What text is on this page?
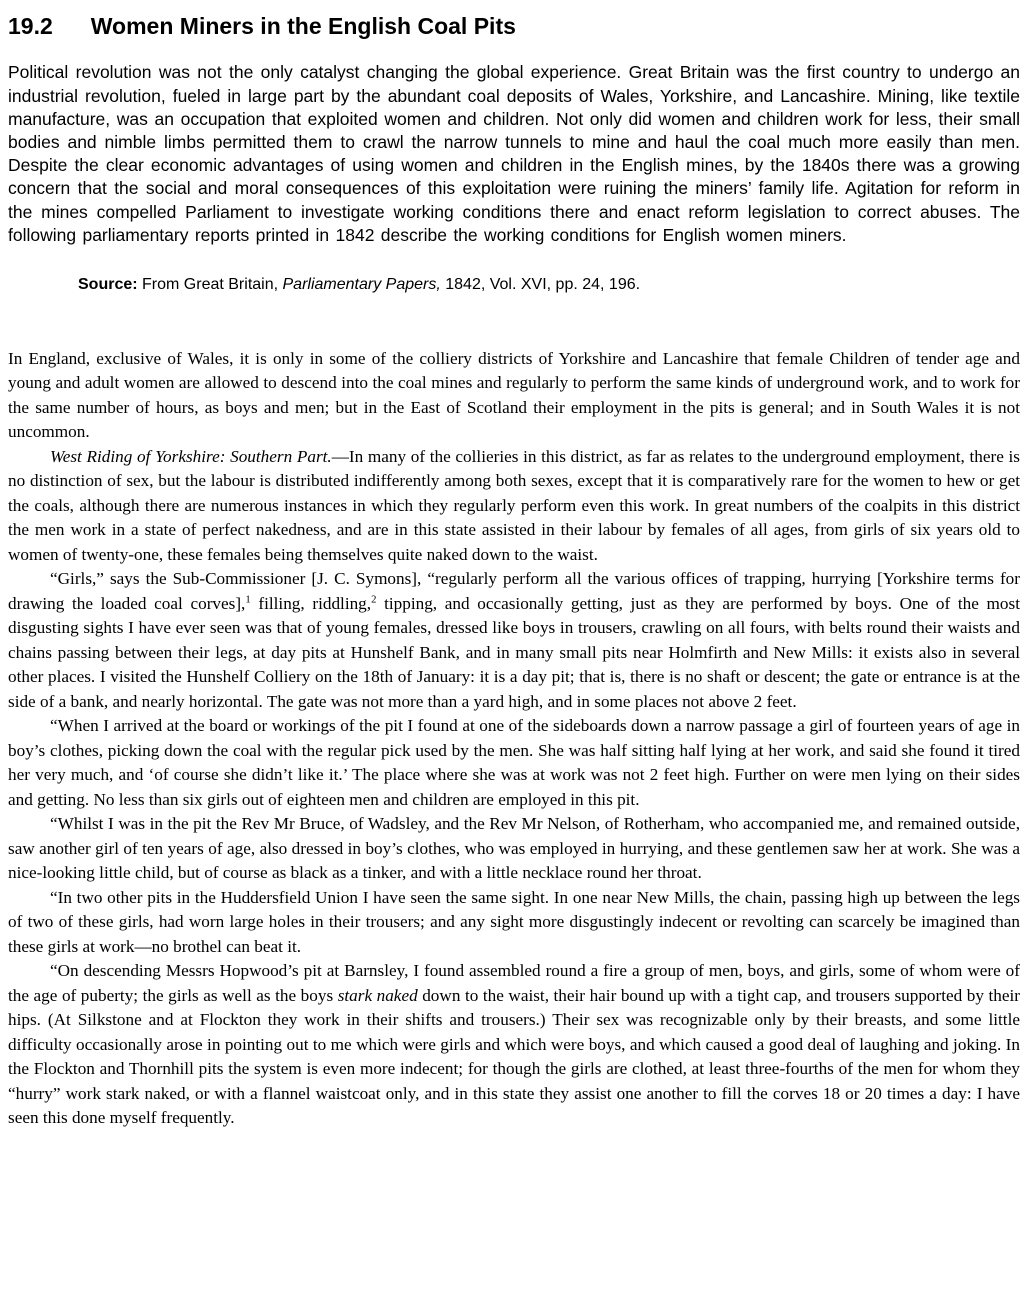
19.2 Women Miners in the English Coal Pits

Political revolution was not the only catalyst changing the global experience. Great Britain was the first country to undergo an industrial revolution, fueled in large part by the abundant coal deposits of Wales, Yorkshire, and Lancashire. Mining, like textile manufacture, was an occupation that exploited women and children. Not only did women and children work for less, their small bodies and nimble limbs permitted them to crawl the narrow tunnels to mine and haul the coal much more easily than men. Despite the clear economic advantages of using women and children in the English mines, by the 1840s there was a growing concern that the social and moral consequences of this exploitation were ruining the miners’ family life. Agitation for reform in the mines compelled Parliament to investigate working conditions there and enact reform legislation to correct abuses. The following parliamentary reports printed in 1842 describe the working conditions for English women miners.

Source: From Great Britain, Parliamentary Papers, 1842, Vol. XVI, pp. 24, 196.

In England, exclusive of Wales, it is only in some of the colliery districts of Yorkshire and Lancashire that female Children of tender age and young and adult women are allowed to descend into the coal mines and regularly to perform the same kinds of underground work, and to work for the same number of hours, as boys and men; but in the East of Scotland their employment in the pits is general; and in South Wales it is not uncommon.

West Riding of Yorkshire: Southern Part.—In many of the collieries in this district, as far as relates to the underground employment, there is no distinction of sex, but the labour is distributed indifferently among both sexes, except that it is comparatively rare for the women to hew or get the coals, although there are numerous instances in which they regularly perform even this work. In great numbers of the coalpits in this district the men work in a state of perfect nakedness, and are in this state assisted in their labour by females of all ages, from girls of six years old to women of twenty-one, these females being themselves quite naked down to the waist.

“Girls,” says the Sub-Commissioner [J. C. Symons], “regularly perform all the various offices of trapping, hurrying [Yorkshire terms for drawing the loaded coal corves],$^1$ filling, riddling,$^2$ tipping, and occasionally getting, just as they are performed by boys. One of the most disgusting sights I have ever seen was that of young females, dressed like boys in trousers, crawling on all fours, with belts round their waists and chains passing between their legs, at day pits at Hunshelf Bank, and in many small pits near Holmfirth and New Mills: it exists also in several other places. I visited the Hunshelf Colliery on the 18th of January: it is a day pit; that is, there is no shaft or descent; the gate or entrance is at the side of a bank, and nearly horizontal. The gate was not more than a yard high, and in some places not above 2 feet.

“When I arrived at the board or workings of the pit I found at one of the sideboards down a narrow passage a girl of fourteen years of age in boy’s clothes, picking down the coal with the regular pick used by the men. She was half sitting half lying at her work, and said she found it tired her very much, and ‘of course she didn’t like it.’ The place where she was at work was not 2 feet high. Further on were men lying on their sides and getting. No less than six girls out of eighteen men and children are employed in this pit.

“Whilst I was in the pit the Rev Mr Bruce, of Wadsley, and the Rev Mr Nelson, of Rotherham, who accompanied me, and remained outside, saw another girl of ten years of age, also dressed in boy’s clothes, who was employed in hurrying, and these gentlemen saw her at work. She was a nice-looking little child, but of course as black as a tinker, and with a little necklace round her throat.

“In two other pits in the Huddersfield Union I have seen the same sight. In one near New Mills, the chain, passing high up between the legs of two of these girls, had worn large holes in their trousers; and any sight more disgustingly indecent or revolting can scarcely be imagined than these girls at work—no brothel can beat it.

“On descending Messrs Hopwood’s pit at Barnsley, I found assembled round a fire a group of men, boys, and girls, some of whom were of the age of puberty; the girls as well as the boys stark naked down to the waist, their hair bound up with a tight cap, and trousers supported by their hips. (At Silkstone and at Flockton they work in their shifts and trousers.) Their sex was recognizable only by their breasts, and some little difficulty occasionally arose in pointing out to me which were girls and which were boys, and which caused a good deal of laughing and joking. In the Flockton and Thornhill pits the system is even more indecent; for though the girls are clothed, at least three-fourths of the men for whom they “hurry” work stark naked, or with a flannel waistcoat only, and in this state they assist one another to fill the corves 18 or 20 times a day: I have seen this done myself frequently.
